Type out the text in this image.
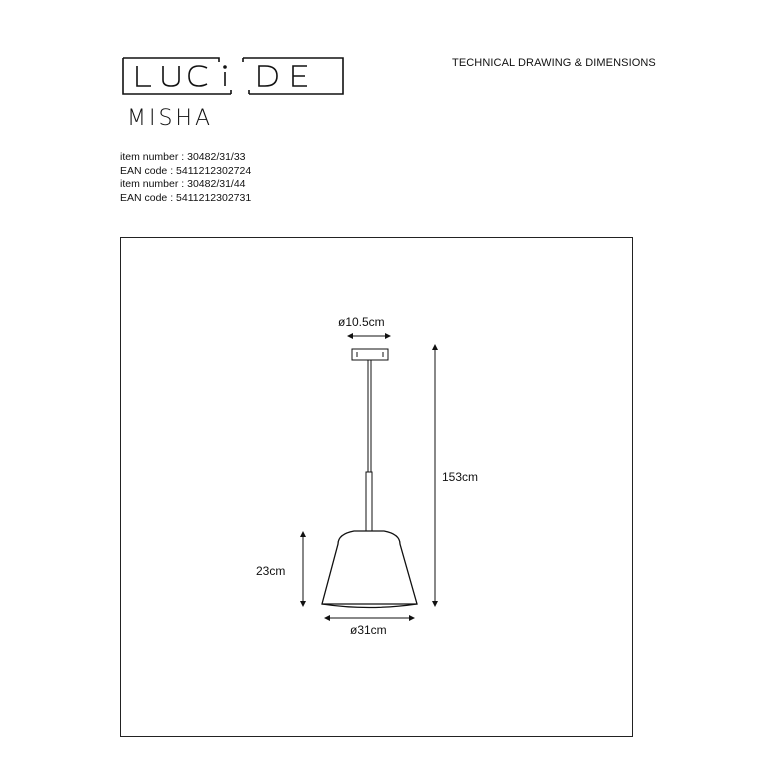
LUCIDE
TECHNICAL DRAWING & DIMENSIONS
MISHA
item number : 30482/31/33
EAN code : 5411212302724
item number : 30482/31/44
EAN code : 5411212302731
ø10.5cm
153cm
23cm
ø31cm
